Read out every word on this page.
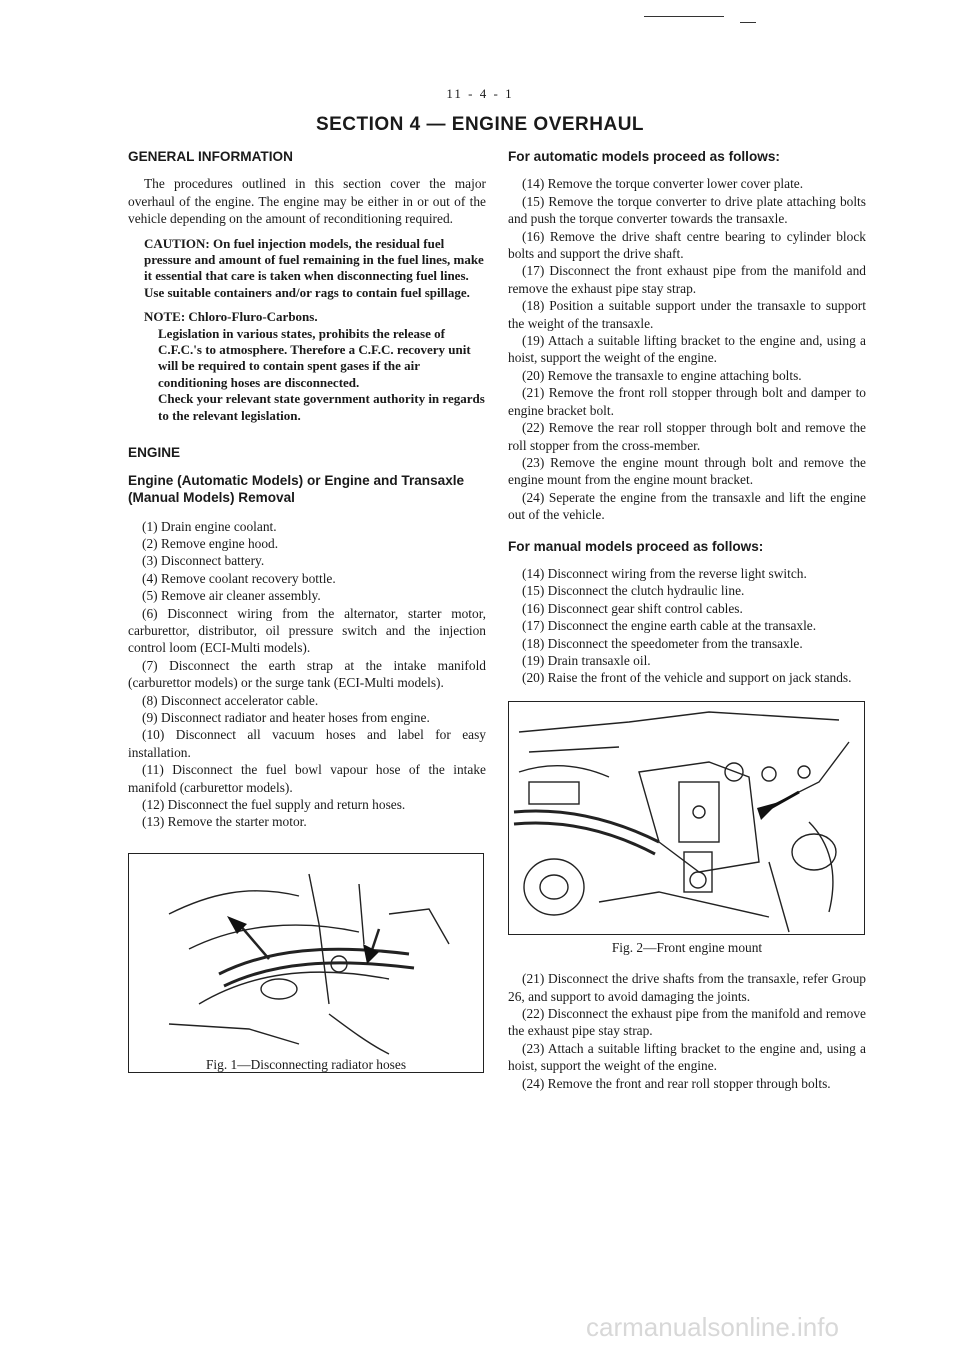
11 - 4 - 1
SECTION 4 — ENGINE OVERHAUL
GENERAL INFORMATION

The procedures outlined in this section cover the major overhaul of the engine. The engine may be either in or out of the vehicle depending on the amount of reconditioning required.

CAUTION: On fuel injection models, the residual fuel pressure and amount of fuel remaining in the fuel lines, make it essential that care is taken when disconnecting fuel lines. Use suitable containers and/or rags to contain fuel spillage.
NOTE: Chloro-Fluro-Carbons.
Legislation in various states, prohibits the release of C.F.C.'s to atmosphere. Therefore a C.F.C. recovery unit will be required to contain spent gases if the air conditioning hoses are disconnected.
Check your relevant state government authority in regards to the relevant legislation.
ENGINE
Engine (Automatic Models) or Engine and Transaxle (Manual Models) Removal
(1) Drain engine coolant.
(2) Remove engine hood.
(3) Disconnect battery.
(4) Remove coolant recovery bottle.
(5) Remove air cleaner assembly.
(6) Disconnect wiring from the alternator, starter motor, carburettor, distributor, oil pressure switch and the injection control loom (ECI-Multi models).
(7) Disconnect the earth strap at the intake manifold (carburettor models) or the surge tank (ECI-Multi models).
(8) Disconnect accelerator cable.
(9) Disconnect radiator and heater hoses from engine.
(10) Disconnect all vacuum hoses and label for easy installation.
(11) Disconnect the fuel bowl vapour hose of the intake manifold (carburettor models).
(12) Disconnect the fuel supply and return hoses.
(13) Remove the starter motor.
Fig. 1—Disconnecting radiator hoses
For automatic models proceed as follows:
(14) Remove the torque converter lower cover plate.
(15) Remove the torque converter to drive plate attaching bolts and push the torque converter towards the transaxle.
(16) Remove the drive shaft centre bearing to cylinder block bolts and support the drive shaft.
(17) Disconnect the front exhaust pipe from the manifold and remove the exhaust pipe stay strap.
(18) Position a suitable support under the transaxle to support the weight of the transaxle.
(19) Attach a suitable lifting bracket to the engine and, using a hoist, support the weight of the engine.
(20) Remove the transaxle to engine attaching bolts.
(21) Remove the front roll stopper through bolt and damper to engine bracket bolt.
(22) Remove the rear roll stopper through bolt and remove the roll stopper from the cross-member.
(23) Remove the engine mount through bolt and remove the engine mount from the engine mount bracket.
(24) Seperate the engine from the transaxle and lift the engine out of the vehicle.
For manual models proceed as follows:
(14) Disconnect wiring from the reverse light switch.
(15) Disconnect the clutch hydraulic line.
(16) Disconnect gear shift control cables.
(17) Disconnect the engine earth cable at the transaxle.
(18) Disconnect the speedometer from the transaxle.
(19) Drain transaxle oil.
(20) Raise the front of the vehicle and support on jack stands.
Fig. 2—Front engine mount
(21) Disconnect the drive shafts from the transaxle, refer Group 26, and support to avoid damaging the joints.
(22) Disconnect the exhaust pipe from the manifold and remove the exhaust pipe stay strap.
(23) Attach a suitable lifting bracket to the engine and, using a hoist, support the weight of the engine.
(24) Remove the front and rear roll stopper through bolts.
carmanualsonline.info
